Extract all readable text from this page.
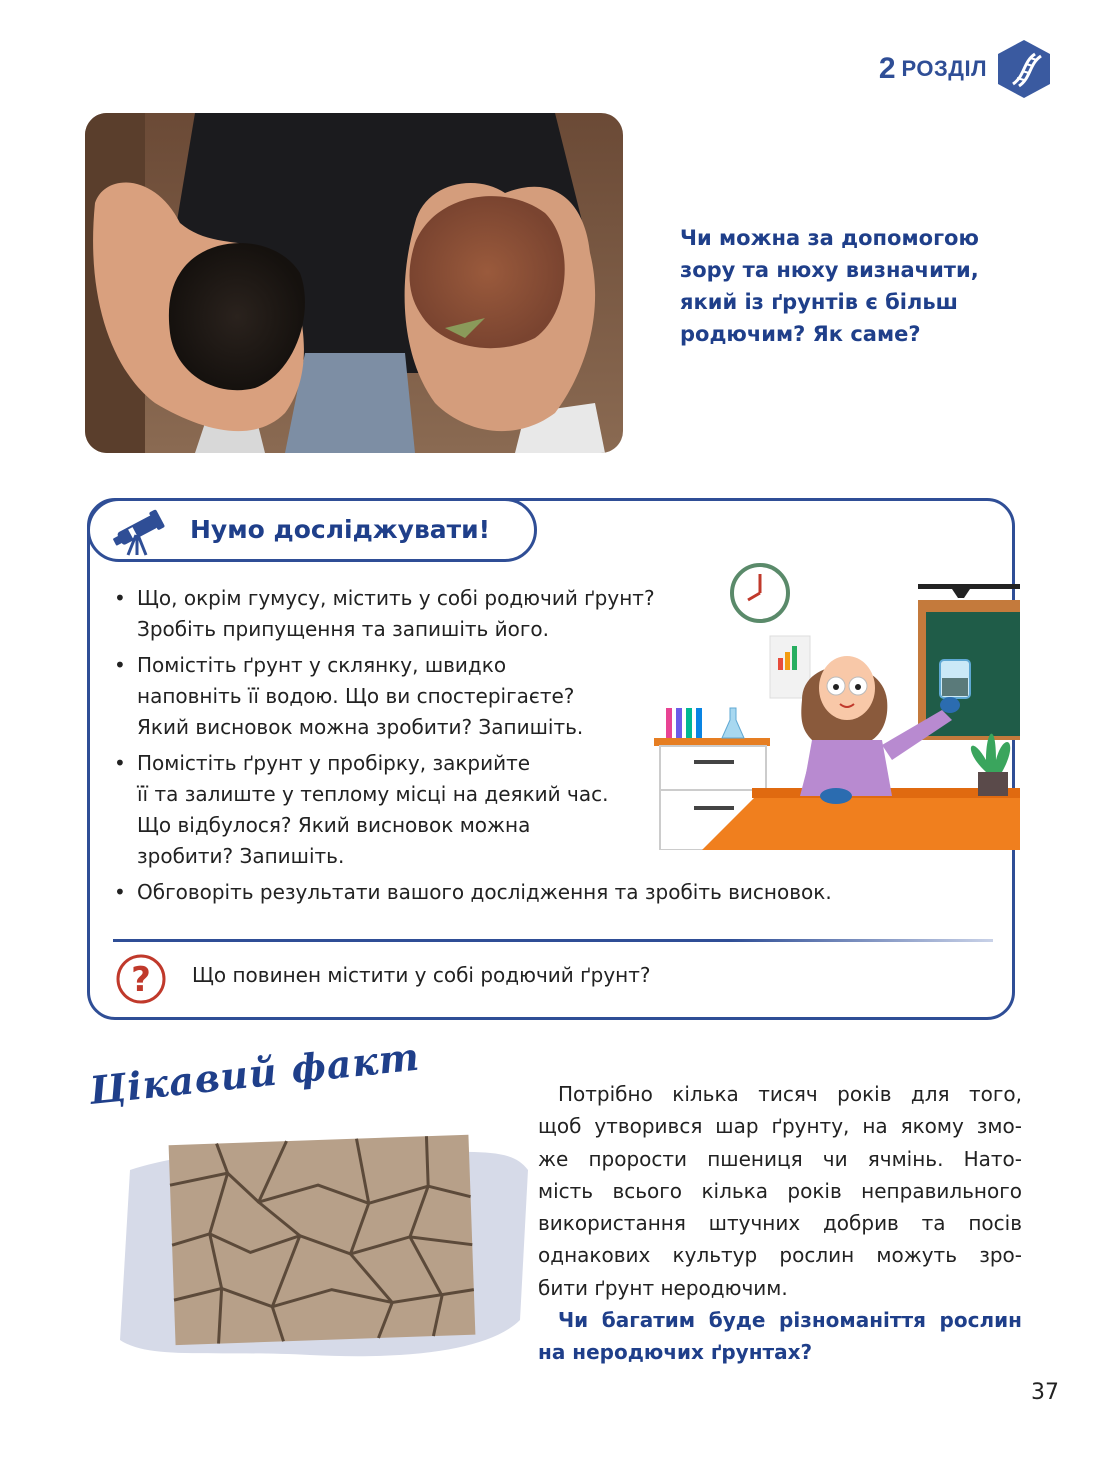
2 РОЗДІЛ
Чи можна за допомогою
зору та нюху визначити,
який із ґрунтів є більш
родючим? Як саме?
Нумо досліджувати!
• Що, окрім гумусу, містить у собі родючий ґрунт?
Зробіть припущення та запишіть його.
• Помістіть ґрунт у склянку, швидко
наповніть її водою. Що ви спостерігаєте?
Який висновок можна зробити? Запишіть.
• Помістіть ґрунт у пробірку, закрийте
її та залиште у теплому місці на деякий час.
Що відбулося? Який висновок можна
зробити? Запишіть.
• Обговоріть результати вашого дослідження та зробіть висновок.
? Що повинен містити у собі родючий ґрунт?
Цікавий факт	Потрібно кілька тисяч років для того,
щоб утворився шар ґрунту, на якому змо-
же прорости пшениця чи ячмінь. Нато-
мість всього кілька років неправильного
використання штучних добрив та посів
однакових культур рослин можуть зро-
бити ґрунт неродючим.
Чи багатим буде різноманіття рослин
на неродючих ґрунтах?
37
